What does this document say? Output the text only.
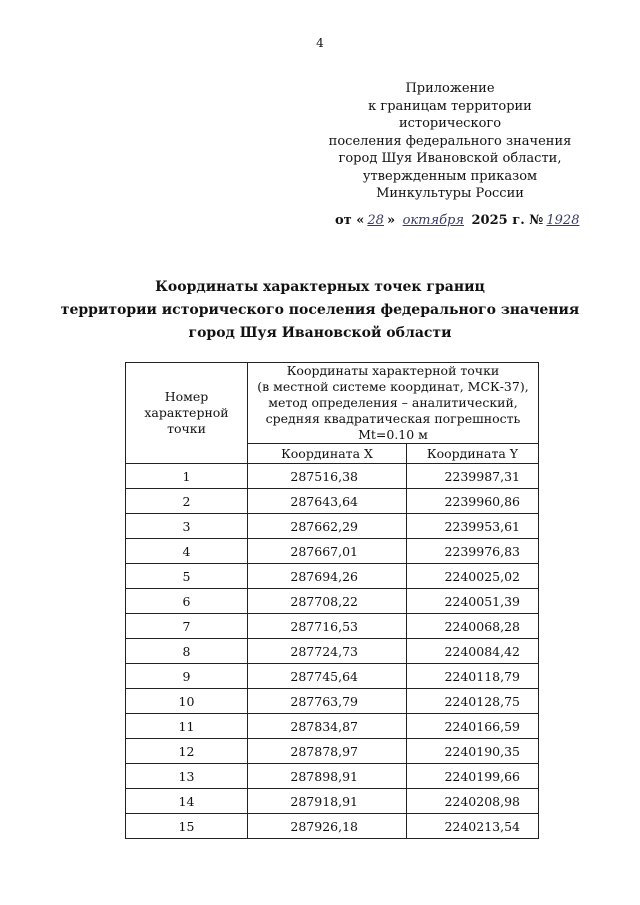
4
Приложение
к границам территории исторического
поселения федерального значения
город Шуя Ивановской области,
утвержденным приказом
Минкультуры России
от « 28 » октября 2025 г. № 1928
Координаты характерных точек границ
территории исторического поселения федерального значения
город Шуя Ивановской области
Номер характерной точки	Координаты характерной точки
(в местной системе координат, МСК-37),
метод определения – аналитический,
средняя квадратическая погрешность Mt=0.10 м	

	Координата X	Координата Y
1	287516,38	2239987,31
2	287643,64	2239960,86
3	287662,29	2239953,61
4	287667,01	2239976,83
5	287694,26	2240025,02
6	287708,22	2240051,39
7	287716,53	2240068,28
8	287724,73	2240084,42
9	287745,64	2240118,79
10	287763,79	2240128,75
11	287834,87	2240166,59
12	287878,97	2240190,35
13	287898,91	2240199,66
14	287918,91	2240208,98
15	287926,18	2240213,54
